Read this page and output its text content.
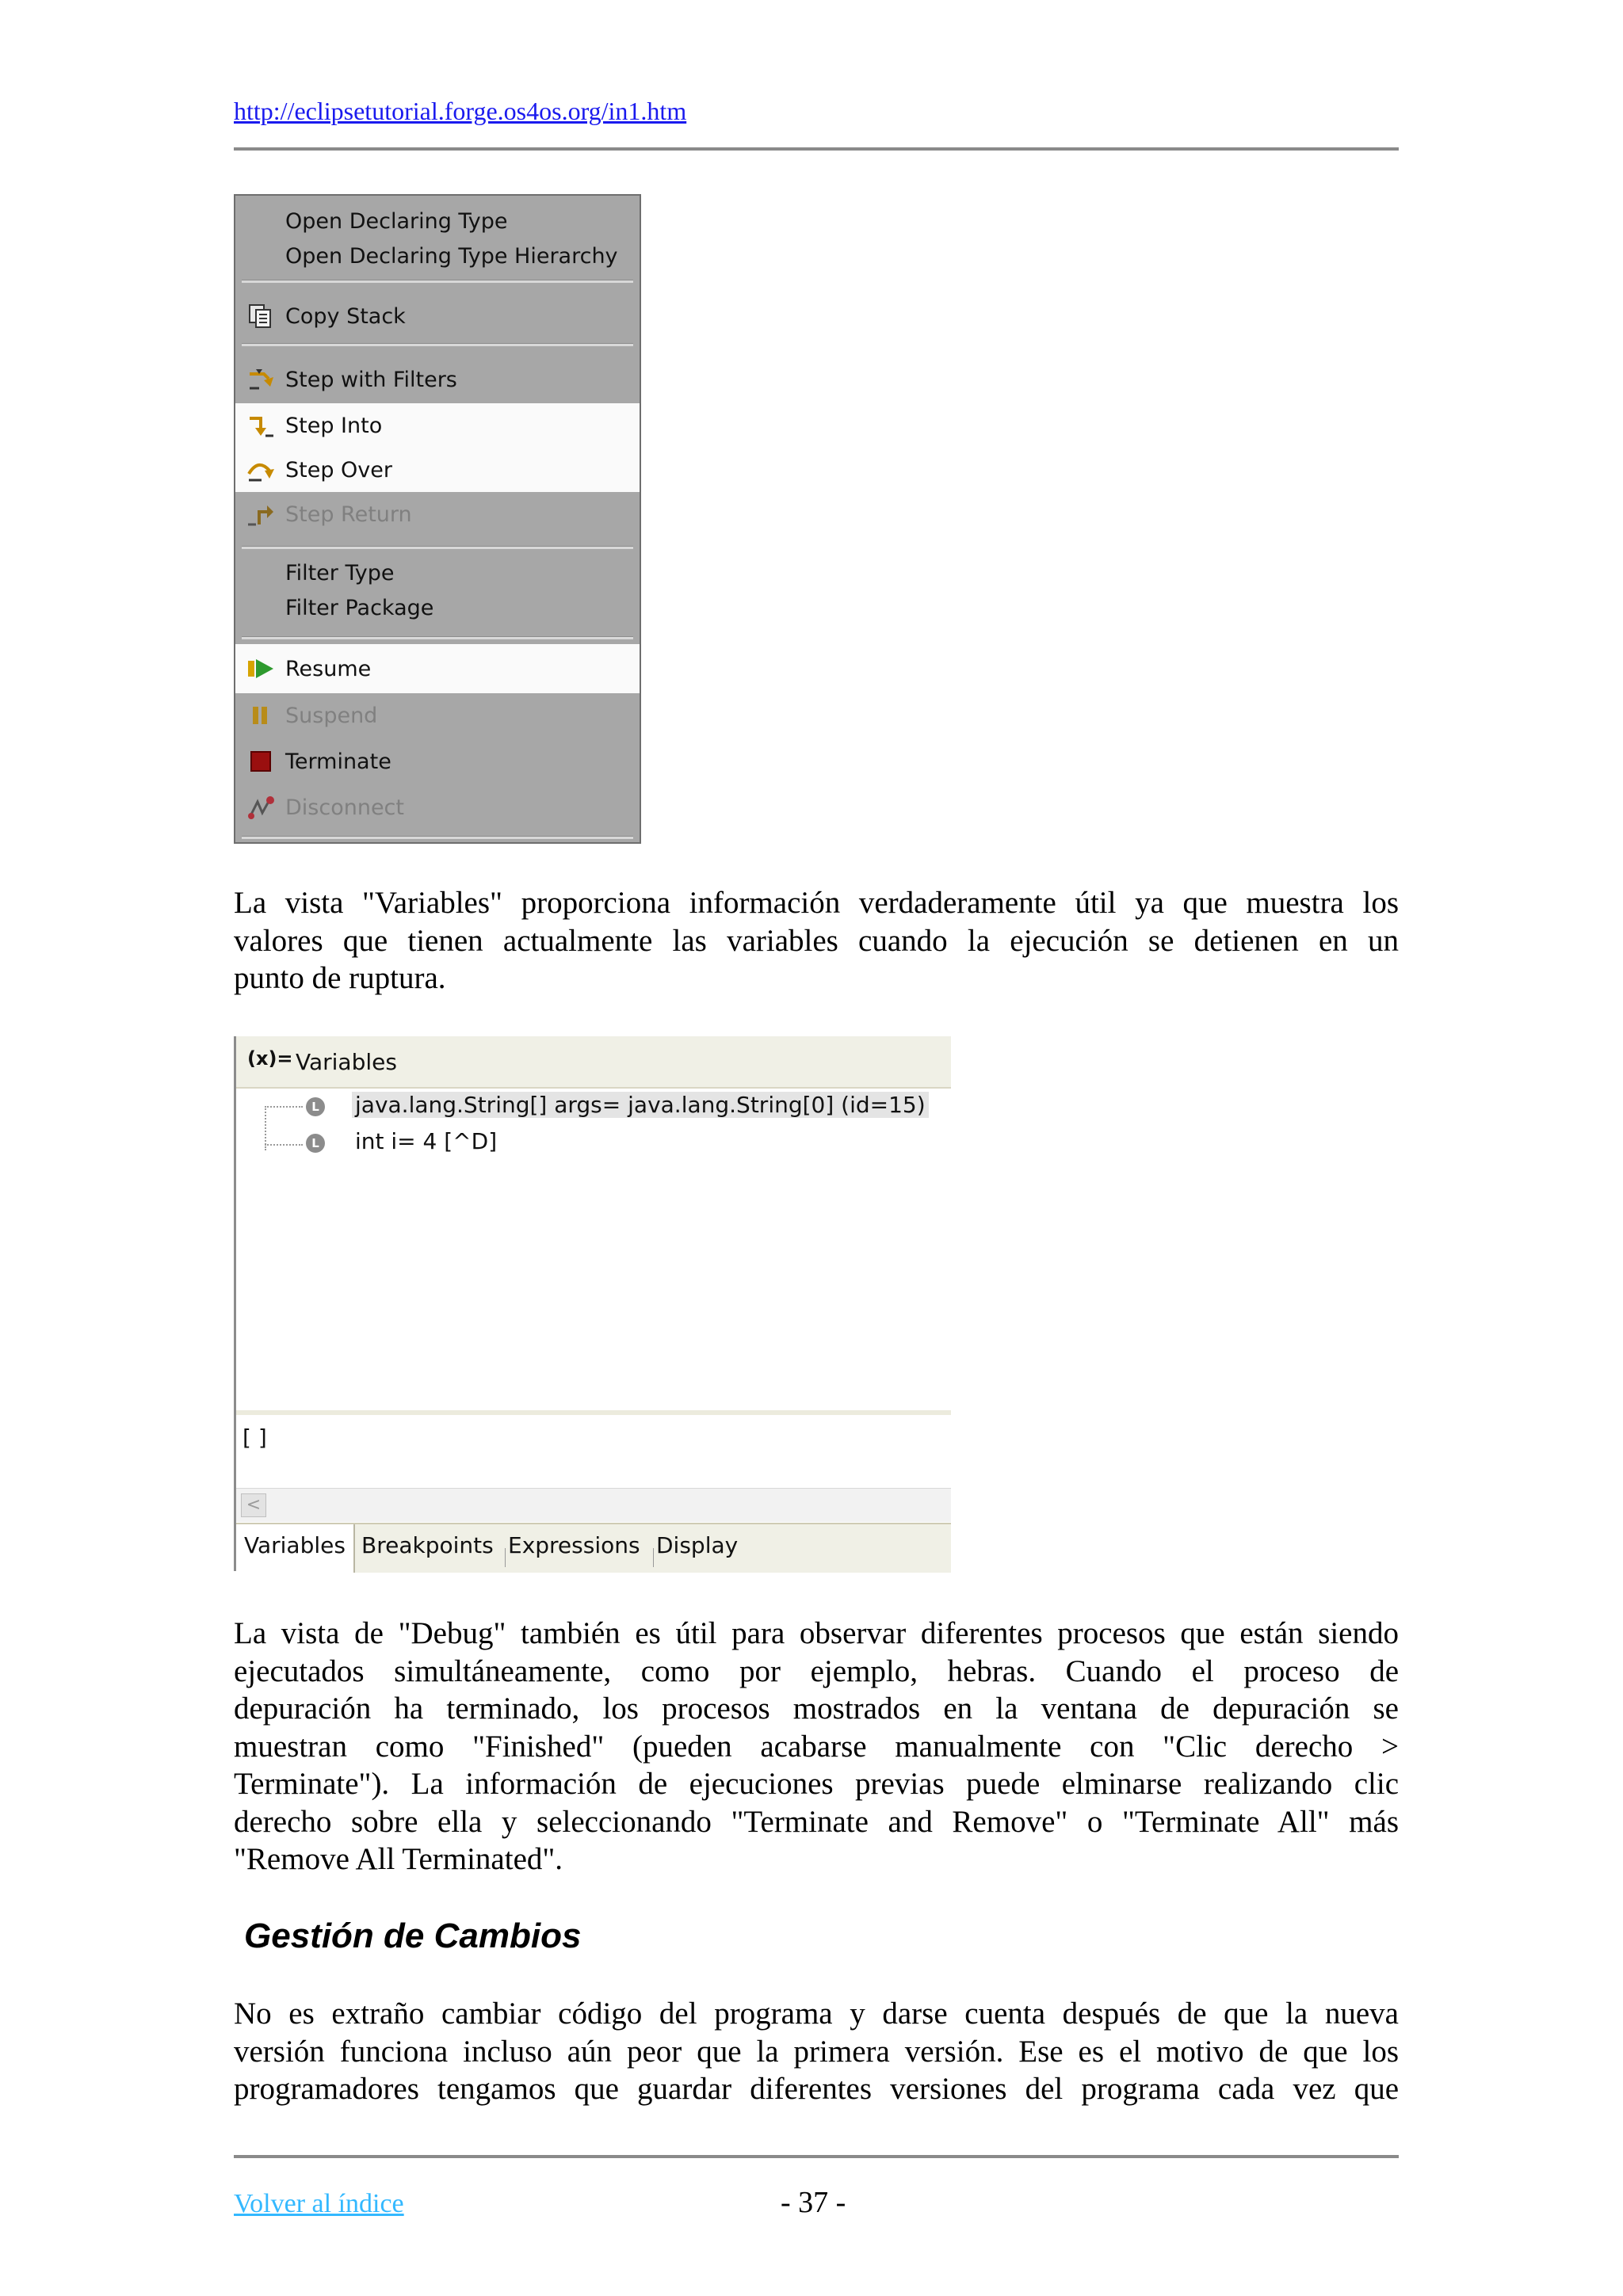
http://eclipsetutorial.forge.os4os.org/in1.htm
Open Declaring Type
Open Declaring Type Hierarchy
Copy Stack
Step with Filters
Step Into
Step Over
Step Return
Filter Type
Filter Package
Resume
Suspend
Terminate
Disconnect
La vista "Variables" proporciona información verdaderamente útil ya que muestra los
valores que tienen actualmente las variables cuando la ejecución se detienen en un
punto de ruptura.
(x)= Variables
L java.lang.String[] args= java.lang.String[0] (id=15)
L int i= 4 [^D]
[ ]
<
Variables Breakpoints Expressions Display
La vista de "Debug" también es útil para observar diferentes procesos que están siendo
ejecutados simultáneamente, como por ejemplo, hebras. Cuando el proceso de
depuración ha terminado, los procesos mostrados en la ventana de depuración se
muestran como "Finished" (pueden acabarse manualmente con "Clic derecho >
Terminate"). La información de ejecuciones previas puede elminarse realizando clic
derecho sobre ella y seleccionando "Terminate and Remove" o "Terminate All" más
"Remove All Terminated".
Gestión de Cambios
No es extraño cambiar código del programa y darse cuenta después de que la nueva
versión funciona incluso aún peor que la primera versión. Ese es el motivo de que los
programadores tengamos que guardar diferentes versiones del programa cada vez que
Volver al índice	- 37 -
